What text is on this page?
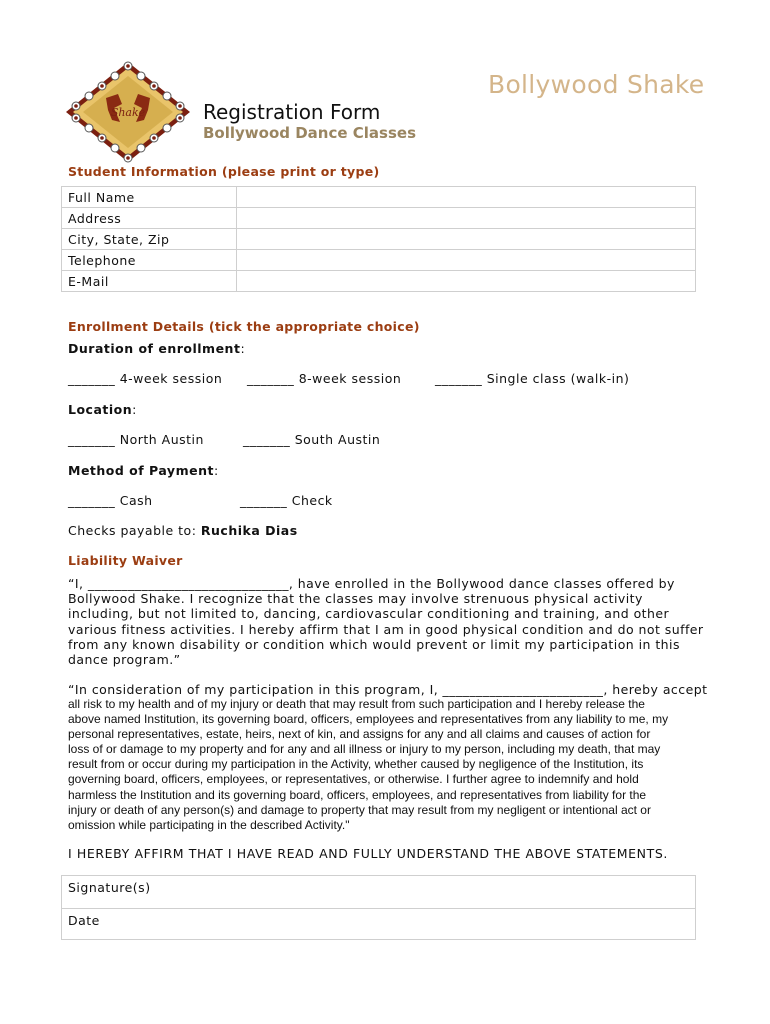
Shake
Bollywood Shake
Registration Form
Bollywood Dance Classes
Student Information (please print or type)
Full Name	
Address	
City, State, Zip	
Telephone	
E-Mail	
Enrollment Details (tick the appropriate choice)
Duration of enrollment:
_______ 4-week session _______ 8-week session	_______ Single class (walk-in)
Location:
_______ North Austin	_______ South Austin
Method of Payment:
_______ Cash	_______ Check
Checks payable to: Ruchika Dias
Liability Waiver
“I, ______________________________, have enrolled in the Bollywood dance classes offered by
Bollywood Shake. I recognize that the classes may involve strenuous physical activity
including, but not limited to, dancing, cardiovascular conditioning and training, and other
various fitness activities. I hereby affirm that I am in good physical condition and do not suffer
from any known disability or condition which would prevent or limit my participation in this
dance program.”
“In consideration of my participation in this program, I, ________________________, hereby accept
all risk to my health and of my injury or death that may result from such participation and I hereby release the
above named Institution, its governing board, officers, employees and representatives from any liability to me, my
personal representatives, estate, heirs, next of kin, and assigns for any and all claims and causes of action for
loss of or damage to my property and for any and all illness or injury to my person, including my death, that may
result from or occur during my participation in the Activity, whether caused by negligence of the Institution, its
governing board, officers, employees, or representatives, or otherwise. I further agree to indemnify and hold
harmless the Institution and its governing board, officers, employees, and representatives from liability for the
injury or death of any person(s) and damage to property that may result from my negligent or intentional act or
omission while participating in the described Activity."
I HEREBY AFFIRM THAT I HAVE READ AND FULLY UNDERSTAND THE ABOVE STATEMENTS.
Signature(s)
Date
